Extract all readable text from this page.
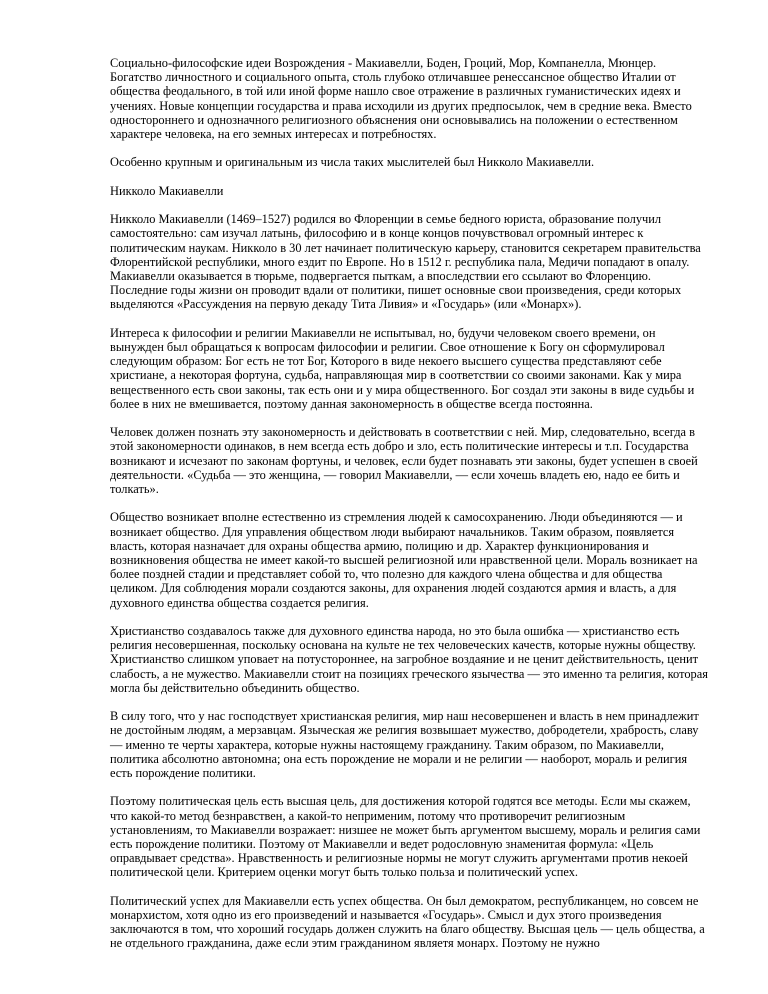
Социально-философские идеи Возрождения - Макиавелли, Боден, Гроций, Мор, Компанелла, Мюнцер. Богатство личностного и социального опыта, столь глубоко отличавшее ренессансное общество Италии от общества феодального, в той или иной форме нашло свое отражение в различных гуманистических идеях и учениях. Новые концепции государства и права исходили из других предпосылок, чем в средние века. Вместо одностороннего и однозначного религиозного объяснения они основывались на положении о естественном характере человека, на его земных интересах и потребностях.

Особенно крупным и оригинальным из числа таких мыслителей был Никколо Макиавелли.

Никколо Макиавелли

Никколо Макиавелли (1469–1527) родился во Флоренции в семье бедного юриста, образование получил самостоятельно: сам изучал латынь, философию и в конце концов почувствовал огромный интерес к политическим наукам. Никколо в 30 лет начинает политическую карьеру, становится секретарем правительства Флорентийской республики, много ездит по Европе. Но в 1512 г. республика пала, Медичи попадают в опалу. Макиавелли оказывается в тюрьме, подвергается пыткам, а впоследствии его ссылают во Флоренцию. Последние годы жизни он проводит вдали от политики, пишет основные свои произведения, среди которых выделяются «Рассуждения на первую декаду Тита Ливия» и «Государь» (или «Монарх»).

Интереса к философии и религии Макиавелли не испытывал, но, будучи человеком своего времени, он вынужден был обращаться к вопросам философии и религии. Свое отношение к Богу он сформулировал следующим образом: Бог есть не тот Бог, Которого в виде некоего высшего существа представляют себе христиане, а некоторая фортуна, судьба, направляющая мир в соответствии со своими законами. Как у мира вещественного есть свои законы, так есть они и у мира общественного. Бог создал эти законы в виде судьбы и более в них не вмешивается, поэтому данная закономерность в обществе всегда постоянна.

Человек должен познать эту закономерность и действовать в соответствии с ней. Мир, следовательно, всегда в этой закономерности одинаков, в нем всегда есть добро и зло, есть политические интересы и т.п. Государства возникают и исчезают по законам фортуны, и человек, если будет познавать эти законы, будет успешен в своей деятельности. «Судьба — это женщина, — говорил Макиавелли, — если хочешь владеть ею, надо ее бить и толкать».

Общество возникает вполне естественно из стремления людей к самосохранению. Люди объединяются — и возникает общество. Для управления обществом люди выбирают начальников. Таким образом, появляется власть, которая назначает для охраны общества армию, полицию и др. Характер функционирования и возникновения общества не имеет какой-то высшей религиозной или нравственной цели. Мораль возникает на более поздней стадии и представляет собой то, что полезно для каждого члена общества и для общества целиком. Для соблюдения морали создаются законы, для охранения людей создаются армия и власть, а для духовного единства общества создается религия.

Христианство создавалось также для духовного единства народа, но это была ошибка — христианство есть религия несовершенная, поскольку основана на культе не тех человеческих качеств, которые нужны обществу. Христианство слишком уповает на потустороннее, на загробное воздаяние и не ценит действительность, ценит слабость, а не мужество. Макиавелли стоит на позициях греческого язычества — это именно та религия, которая могла бы действительно объединить общество.

В силу того, что у нас господствует христианская религия, мир наш несовершенен и власть в нем принадлежит не достойным людям, а мерзавцам. Языческая же религия возвышает мужество, добродетели, храбрость, славу — именно те черты характера, которые нужны настоящему гражданину. Таким образом, по Макиавелли, политика абсолютно автономна; она есть порождение не морали и не религии — наоборот, мораль и религия есть порождение политики.

Поэтому политическая цель есть высшая цель, для достижения которой годятся все методы. Если мы скажем, что какой-то метод безнравствен, а какой-то неприменим, потому что противоречит религиозным установлениям, то Макиавелли возражает: низшее не может быть аргументом высшему, мораль и религия сами есть порождение политики. Поэтому от Макиавелли и ведет родословную знаменитая формула: «Цель оправдывает средства». Нравственность и религиозные нормы не могут служить аргументами против некоей политической цели. Критерием оценки могут быть только польза и политический успех.

Политический успех для Макиавелли есть успех общества. Он был демократом, республиканцем, но совсем не монархистом, хотя одно из его произведений и называется «Государь». Смысл и дух этого произведения заключаются в том, что хороший государь должен служить на благо обществу. Высшая цель — цель общества, а не отдельного гражданина, даже если этим гражданином являетя монарх. Поэтому не нужно
